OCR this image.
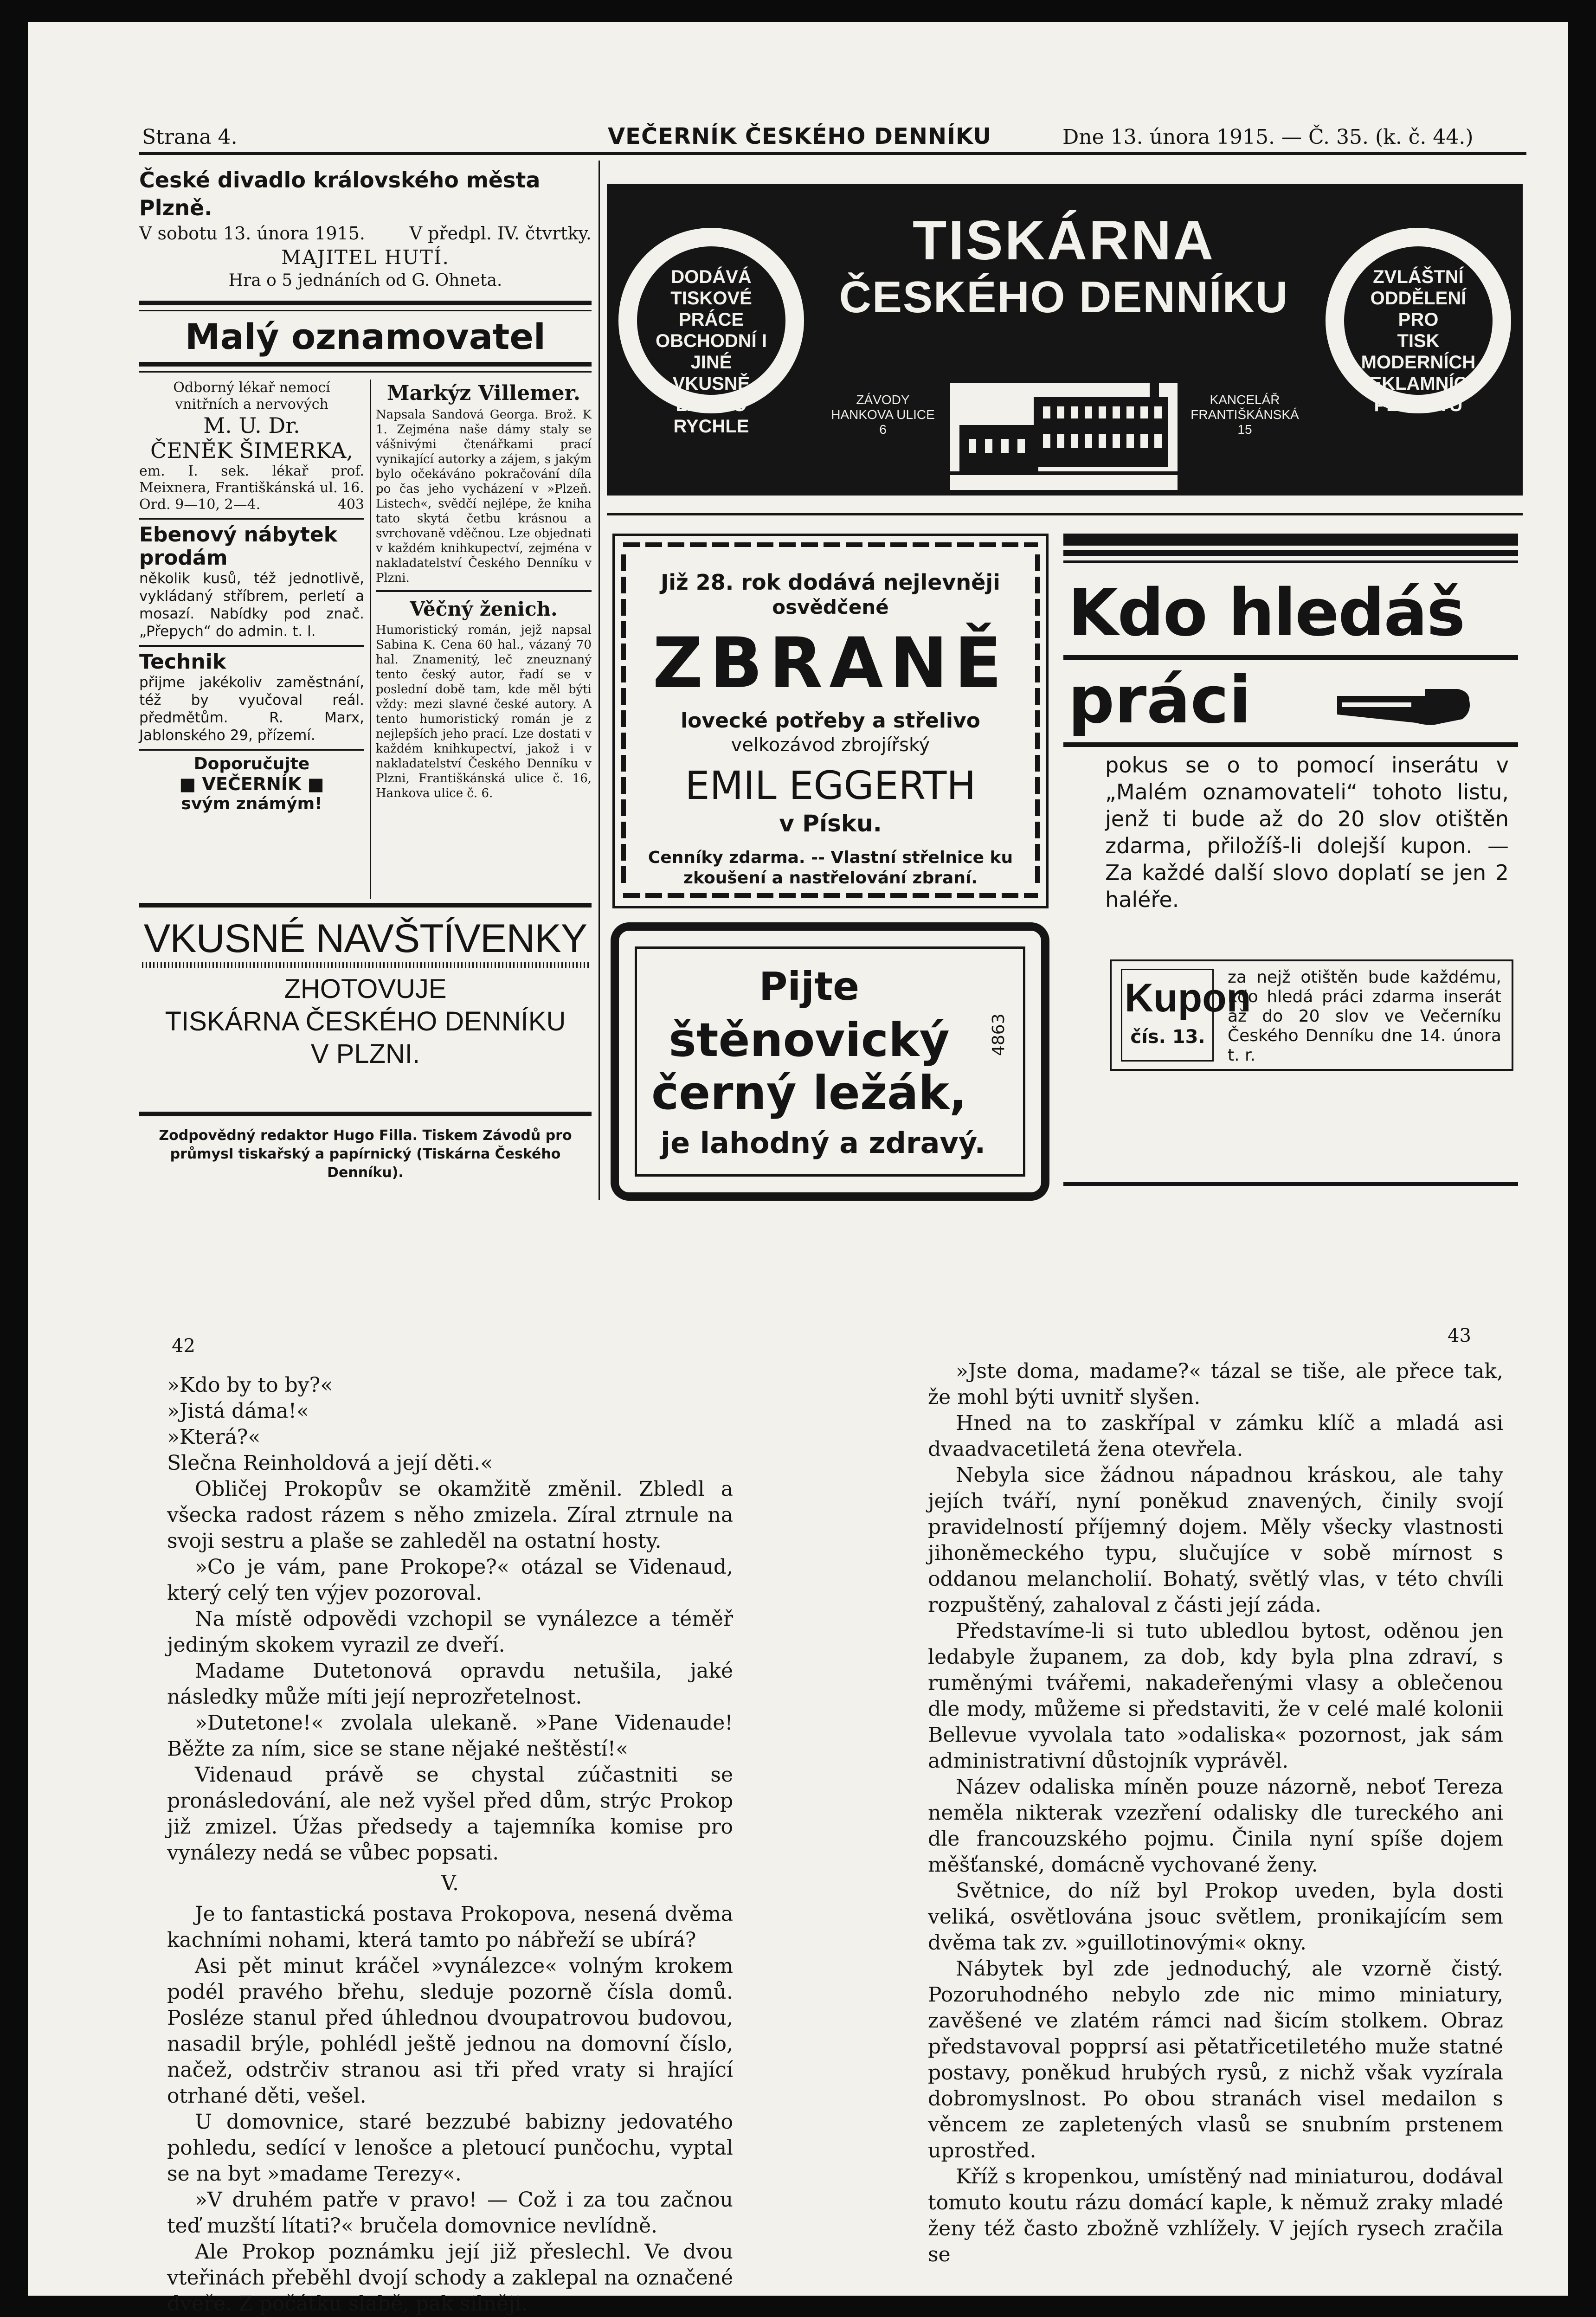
Strana 4.	VEČERNÍK ČESKÉHO DENNÍKU	Dne 13. února 1915. — Č. 35. (k. č. 44.)
České divadlo královského města Plzně.
V sobotu 13. února 1915.	V předpl. IV. čtvrtky.
MAJITEL HUTÍ.
Hra o 5 jednáních od G. Ohneta.
Malý oznamovatel
Odborný lékař nemocí vnitřních a nervových
M. U. Dr.
ČENĚK ŠIMERKA,
em. I. sek. lékař prof. Meixnera, Františkánská ul. 16.
Ord. 9—10, 2—4.	403
Ebenový nábytek prodám
několik kusů, též jednotlivě, vykládaný stříbrem, perletí a mosazí. Nabídky pod znač. „Přepych“ do admin. t. l.
Technik
přijme jakékoliv zaměstnání, též by vyučoval reál. předmětům. R. Marx, Jablonského 29, přízemí.
Doporučujte
■ VEČERNÍK ■
svým známým!
Markýz Villemer.
Napsala Sandová Georga. Brož. K 1. Zejména naše dámy staly se vášnivými čtenářkami prací vynikající autorky a zájem, s jakým bylo očekáváno pokračování díla po čas jeho vycházení v »Plzeň. Listech«, svědčí nejlépe, že kniha tato skytá četbu krásnou a svrchovaně vděčnou. Lze objednati v každém knihkupectví, zejména v nakladatelství Českého Denníku v Plzni.
Věčný ženich.
Humoristický román, jejž napsal Sabina K. Cena 60 hal., vázaný 70 hal. Znamenitý, leč zneuznaný tento český autor, řadí se v poslední době tam, kde měl býti vždy: mezi slavné české autory. A tento humoristický román je z nejlepších jeho prací. Lze dostati v každém knihkupectví, jakož i v nakladatelství Českého Denníku v Plzni, Františkánská ulice č. 16, Hankova ulice č. 6.
VKUSNÉ NAVŠTÍVENKY
ZHOTOVUJE
TISKÁRNA ČESKÉHO DENNÍKU
V PLZNI.
Zodpovědný redaktor Hugo Filla. Tiskem Závodů pro průmysl tiskařský a papírnický (Tiskárna Českého Denníku).
DODÁVÁ
TISKOVÉ PRÁCE
OBCHODNÍ I JINÉ
VKUSNĚ LACINO
RYCHLE
TISKÁRNA
ČESKÉHO DENNÍKU
ZÁVODY
HANKOVA ULICE
6
KANCELÁŘ
FRANTIŠKÁNSKÁ
15
ZVLÁŠTNÍ
ODDĚLENÍ PRO
TISK MODERNÍCH
REKLAMNÍCH
PLAKÁTŮ
Již 28. rok dodává nejlevněji
osvědčené
ZBRANĚ
lovecké potřeby a střelivo
velkozávod zbrojířský
EMIL EGGERTH
v Písku.
Cenníky zdarma. -- Vlastní střelnice ku
zkoušení a nastřelování zbraní.
Pijte
štěnovický
černý ležák,
je lahodný a zdravý.
4863
Kdo hledáš
práci
pokus se o to pomocí inserátu v „Malém oznamovateli“ tohoto listu, jenž ti bude až do 20 slov otištěn zdarma, přiložíš-li dolejší kupon. — Za každé další slovo doplatí se jen 2 haléře.
Kupon
čís. 13.
za nejž otištěn bude každému, kdo hledá práci zdarma inserát až do 20 slov ve Večerníku Českého Denníku dne 14. února t. r.
42	43

»Kdo by to by?«

»Jistá dáma!«

»Která?«

Slečna Reinholdová a její děti.«

Obličej Prokopův se okamžitě změnil. Zbledl a všecka radost rázem s něho zmizela. Zíral ztrnule na svoji sestru a plaše se zahleděl na ostatní hosty.

»Co je vám, pane Prokope?« otázal se Videnaud, který celý ten výjev pozoroval.

Na místě odpovědi vzchopil se vynálezce a téměř jediným skokem vyrazil ze dveří.

Madame Dutetonová opravdu netušila, jaké následky může míti její neprozřetelnost.

»Dutetone!« zvolala ulekaně. »Pane Videnaude! Běžte za ním, sice se stane nějaké neštěstí!«

Videnaud právě se chystal zúčastniti se pronásledování, ale než vyšel před dům, strýc Prokop již zmizel. Úžas předsedy a tajemníka komise pro vynálezy nedá se vůbec popsati.

V.

Je to fantastická postava Prokopova, nesená dvěma kachními nohami, která tamto po nábřeží se ubírá?

Asi pět minut kráčel »vynálezce« volným krokem podél pravého břehu, sleduje pozorně čísla domů. Posléze stanul před úhlednou dvoupatrovou budovou, nasadil brýle, pohlédl ještě jednou na domovní číslo, načež, odstrčiv stranou asi tři před vraty si hrající otrhané děti, vešel.

U domovnice, staré bezzubé babizny jedovatého pohledu, sedící v lenošce a pletoucí punčochu, vyptal se na byt »madame Terezy«.

»V druhém patře v pravo! — Což i za tou začnou teď muzští lítati?« bručela domovnice nevlídně.

Ale Prokop poznámku její již přeslechl. Ve dvou vteřinách přeběhl dvojí schody a zaklepal na označené dveře. Z počátku slabě, pak silněji.

»Jste doma, madame?« tázal se tiše, ale přece tak, že mohl býti uvnitř slyšen.

Hned na to zaskřípal v zámku klíč a mladá asi dvaadvacetiletá žena otevřela.

Nebyla sice žádnou nápadnou kráskou, ale tahy jejích tváří, nyní poněkud znavených, činily svojí pravidelností příjemný dojem. Měly všecky vlastnosti jihoněmeckého typu, slučujíce v sobě mírnost s oddanou melancholií. Bohatý, světlý vlas, v této chvíli rozpuštěný, zahaloval z části její záda.

Představíme-li si tuto ubledlou bytost, oděnou jen ledabyle županem, za dob, kdy byla plna zdraví, s ruměnými tvářemi, nakadeřenými vlasy a oblečenou dle mody, můžeme si představiti, že v celé malé kolonii Bellevue vyvolala tato »odaliska« pozornost, jak sám administrativní důstojník vyprávěl.

Název odaliska míněn pouze názorně, neboť Tereza neměla nikterak vzezření odalisky dle tureckého ani dle francouzského pojmu. Činila nyní spíše dojem měšťanské, domácně vychované ženy.

Světnice, do níž byl Prokop uveden, byla dosti veliká, osvětlována jsouc světlem, pronikajícím sem dvěma tak zv. »guillotinovými« okny.

Nábytek byl zde jednoduchý, ale vzorně čistý. Pozoruhodného nebylo zde nic mimo miniatury, zavěšené ve zlatém rámci nad šicím stolkem. Obraz představoval popprsí asi pětatřicetiletého muže statné postavy, poněkud hrubých rysů, z nichž však vyzírala dobromyslnost. Po obou stranách visel medailon s věncem ze zapletených vlasů se snubním prstenem uprostřed.

Kříž s kropenkou, umístěný nad miniaturou, dodával tomuto koutu rázu domácí kaple, k němuž zraky mladé ženy též často zbožně vzhlížely. V jejích rysech zračila se
